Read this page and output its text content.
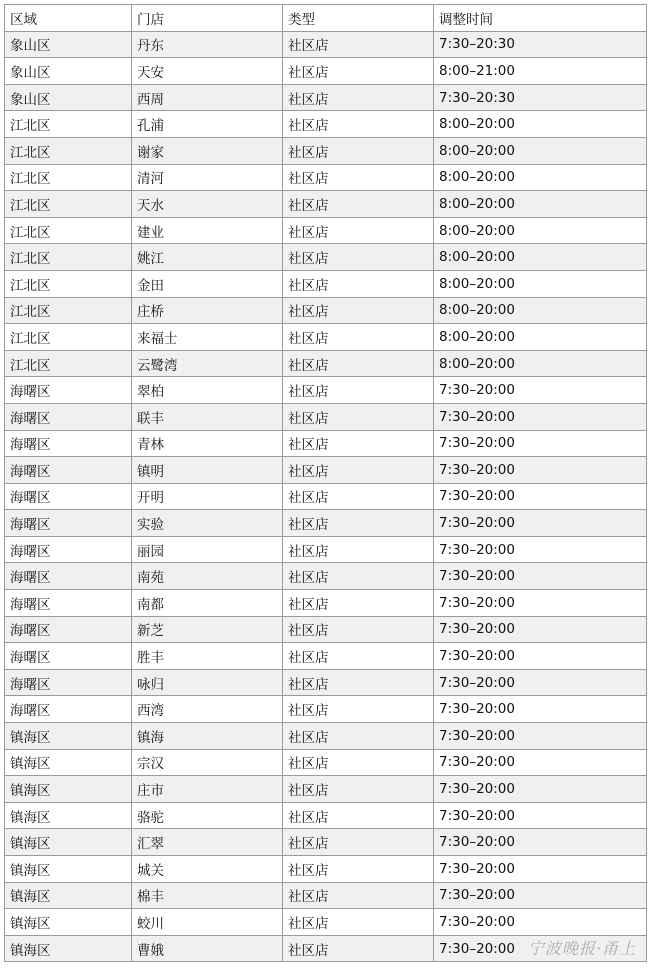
区域	门店	类型	调整时间
象山区	丹东	社区店	7:30–20:30
象山区	天安	社区店	8:00–21:00
象山区	西周	社区店	7:30–20:30
江北区	孔浦	社区店	8:00–20:00
江北区	谢家	社区店	8:00–20:00
江北区	清河	社区店	8:00–20:00
江北区	天水	社区店	8:00–20:00
江北区	建业	社区店	8:00–20:00
江北区	姚江	社区店	8:00–20:00
江北区	金田	社区店	8:00–20:00
江北区	庄桥	社区店	8:00–20:00
江北区	来福士	社区店	8:00–20:00
江北区	云鹭湾	社区店	8:00–20:00
海曙区	翠柏	社区店	7:30–20:00
海曙区	联丰	社区店	7:30–20:00
海曙区	青林	社区店	7:30–20:00
海曙区	镇明	社区店	7:30–20:00
海曙区	开明	社区店	7:30–20:00
海曙区	实验	社区店	7:30–20:00
海曙区	丽园	社区店	7:30–20:00
海曙区	南苑	社区店	7:30–20:00
海曙区	南都	社区店	7:30–20:00
海曙区	新芝	社区店	7:30–20:00
海曙区	胜丰	社区店	7:30–20:00
海曙区	咏归	社区店	7:30–20:00
海曙区	西湾	社区店	7:30–20:00
镇海区	镇海	社区店	7:30–20:00
镇海区	宗汉	社区店	7:30–20:00
镇海区	庄市	社区店	7:30–20:00
镇海区	骆驼	社区店	7:30–20:00
镇海区	汇翠	社区店	7:30–20:00
镇海区	城关	社区店	7:30–20:00
镇海区	棉丰	社区店	7:30–20:00
镇海区	蛟川	社区店	7:30–20:00
镇海区	曹娥	社区店	7:30–20:00 宁波晚报·甬上
